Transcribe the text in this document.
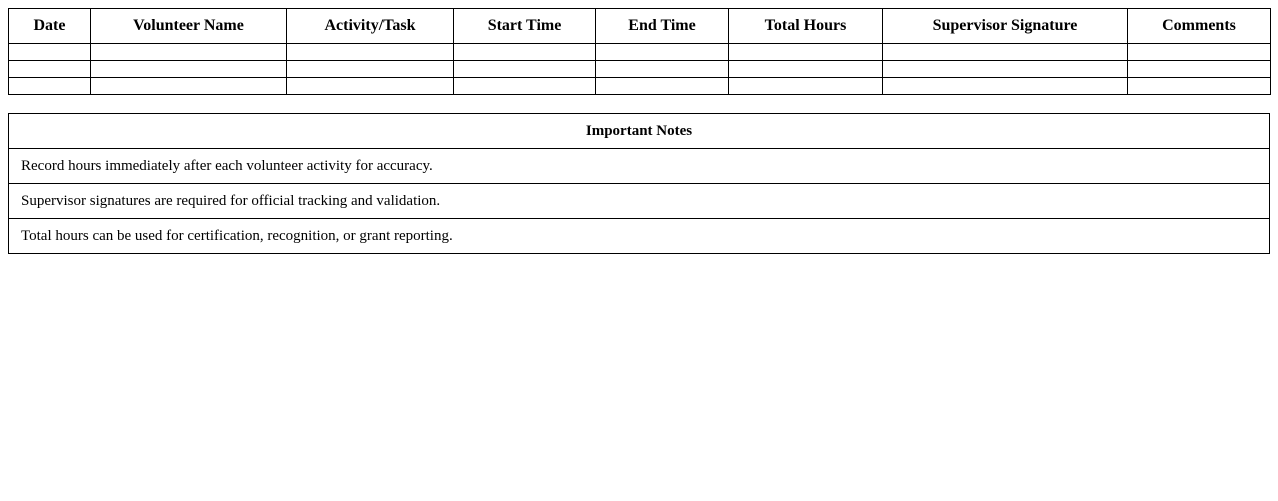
Date	Volunteer Name	Activity/Task	Start Time	End Time	Total Hours	Supervisor Signature	Comments

Important Notes
Record hours immediately after each volunteer activity for accuracy.
Supervisor signatures are required for official tracking and validation.
Total hours can be used for certification, recognition, or grant reporting.
